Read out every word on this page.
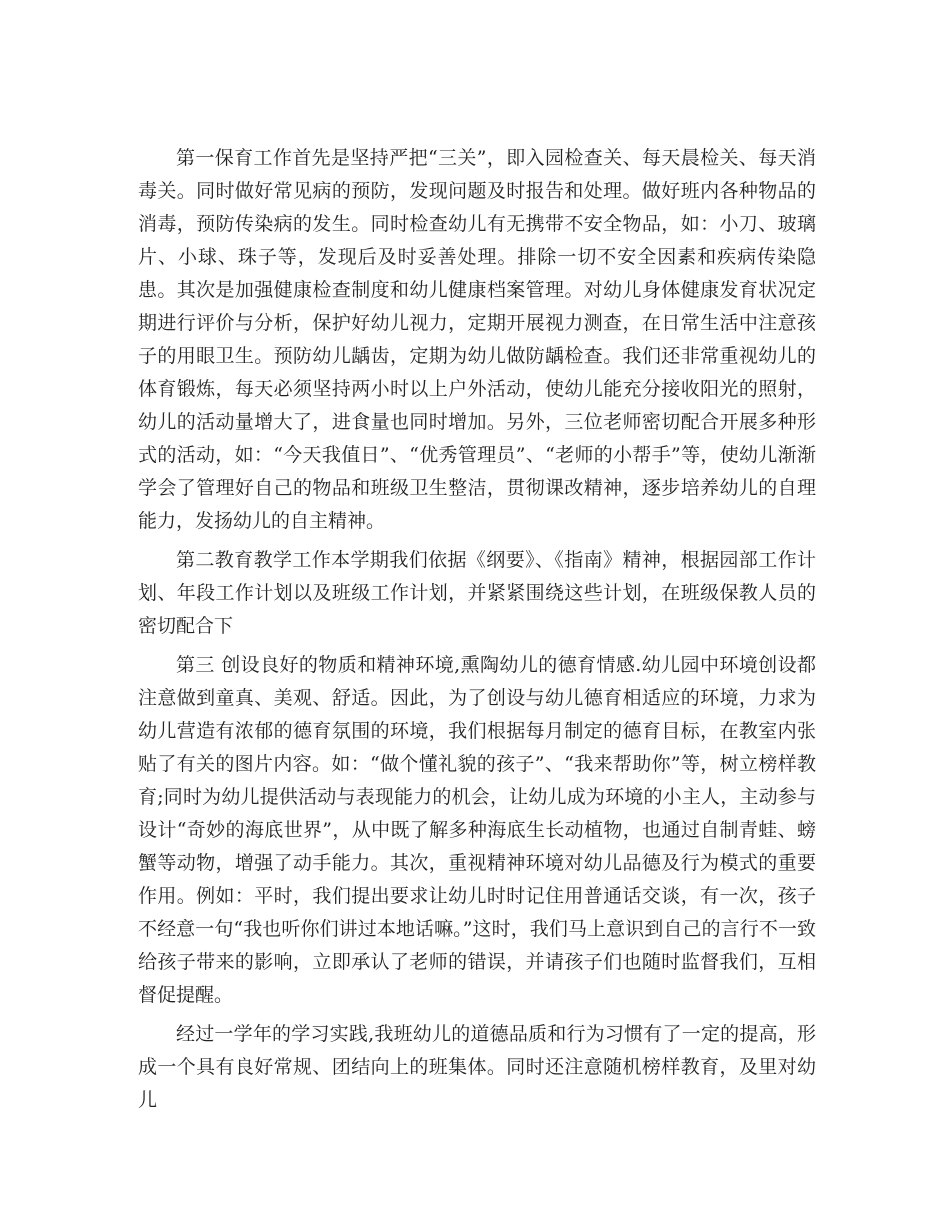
第一保育工作首先是坚持严把“三关”，即入园检查关、每天晨检关、每天消毒关。同时做好常见病的预防，发现问题及时报告和处理。做好班内各种物品的消毒，预防传染病的发生。同时检查幼儿有无携带不安全物品，如：小刀、玻璃片、小球、珠子等，发现后及时妥善处理。排除一切不安全因素和疾病传染隐患。其次是加强健康检查制度和幼儿健康档案管理。对幼儿身体健康发育状况定期进行评价与分析，保护好幼儿视力，定期开展视力测查，在日常生活中注意孩子的用眼卫生。预防幼儿龋齿，定期为幼儿做防龋检查。我们还非常重视幼儿的体育锻炼，每天必须坚持两小时以上户外活动，使幼儿能充分接收阳光的照射，幼儿的活动量增大了，进食量也同时增加。另外，三位老师密切配合开展多种形式的活动，如：“今天我值日”、“优秀管理员”、“老师的小帮手”等，使幼儿渐渐学会了管理好自己的物品和班级卫生整洁，贯彻课改精神，逐步培养幼儿的自理能力，发扬幼儿的自主精神。

第二教育教学工作本学期我们依据《纲要》、《指南》精神，根据园部工作计划、年段工作计划以及班级工作计划，并紧紧围绕这些计划，在班级保教人员的密切配合下

第三 创设良好的物质和精神环境,熏陶幼儿的德育情感.幼儿园中环境创设都注意做到童真、美观、舒适。因此，为了创设与幼儿德育相适应的环境，力求为幼儿营造有浓郁的德育氛围的环境，我们根据每月制定的德育目标，在教室内张贴了有关的图片内容。如：“做个懂礼貌的孩子”、“我来帮助你”等，树立榜样教育;同时为幼儿提供活动与表现能力的机会，让幼儿成为环境的小主人，主动参与设计“奇妙的海底世界”，从中既了解多种海底生长动植物，也通过自制青蛙、螃蟹等动物，增强了动手能力。其次，重视精神环境对幼儿品德及行为模式的重要作用。例如：平时，我们提出要求让幼儿时时记住用普通话交谈，有一次，孩子不经意一句“我也听你们讲过本地话嘛。”这时，我们马上意识到自己的言行不一致给孩子带来的影响，立即承认了老师的错误，并请孩子们也随时监督我们，互相督促提醒。

经过一学年的学习实践,我班幼儿的道德品质和行为习惯有了一定的提高，形成一个具有良好常规、团结向上的班集体。同时还注意随机榜样教育，及里对幼儿
